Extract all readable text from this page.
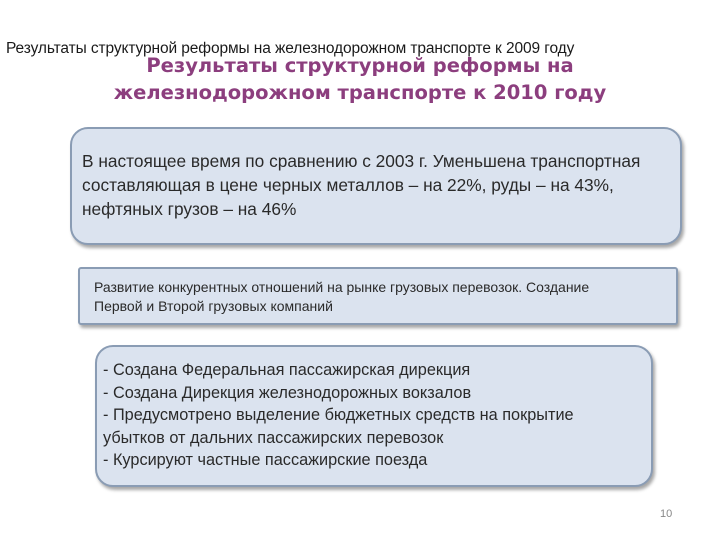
Результаты структурной реформы на железнодорожном транспорте к 2009 году
Результаты структурной реформы на
железнодорожном транспорте к 2010 году
В настоящее время по сравнению с 2003 г. Уменьшена транспортная
составляющая в цене черных металлов – на 22%, руды – на 43%,
нефтяных грузов – на 46%
Развитие конкурентных отношений на рынке грузовых перевозок. Создание
Первой и Второй грузовых компаний
- Создана Федеральная пассажирская дирекция
- Создана Дирекция железнодорожных вокзалов
- Предусмотрено выделение бюджетных средств на покрытие
убытков от дальних пассажирских перевозок
- Курсируют частные пассажирские поезда
10
